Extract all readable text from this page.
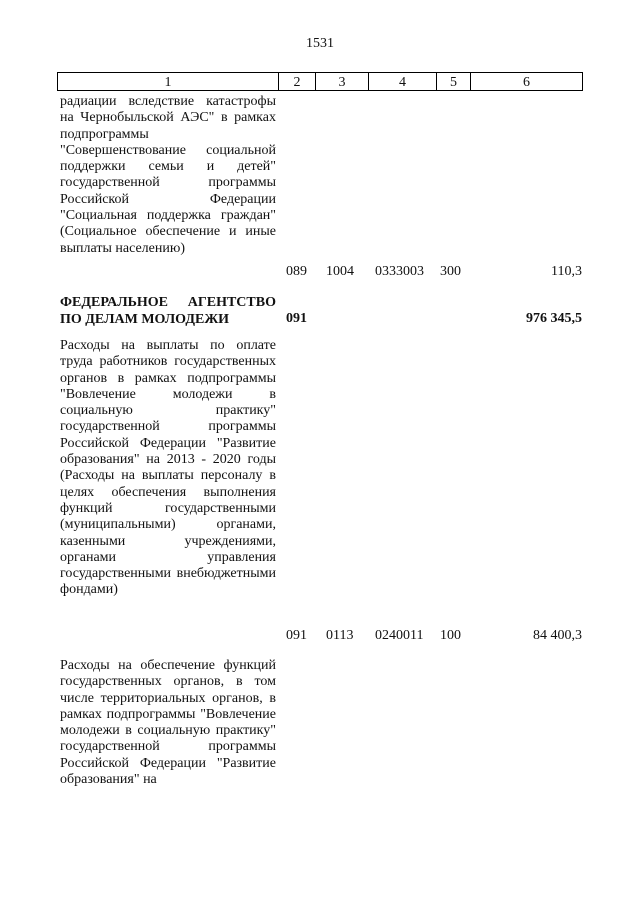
1531
1	2	3	4	5	6

радиации вследствие катастрофы на Чернобыльской АЭС" в рамках подпрограммы "Совершенствование социальной поддержки семьи и детей" государственной программы Российской Федерации "Социальная поддержка граждан" (Социальное обеспечение и иные выплаты населению)

089 1004 0333003 300	110,3

ФЕДЕРАЛЬНОЕ АГЕНТСТВО ПО ДЕЛАМ МОЛОДЕЖИ	091	976 345,5

Расходы на выплаты по оплате труда работников государственных органов в рамках подпрограммы "Вовлечение молодежи в социальную практику" государственной программы Российской Федерации "Развитие образования" на 2013 - 2020 годы (Расходы на выплаты персоналу в целях обеспечения выполнения функций государственными (муниципальными) органами, казенными учреждениями, органами управления государственными внебюджетными фондами)

091 0113 0240011 100	84 400,3

Расходы на обеспечение функций государственных органов, в том числе территориальных органов, в рамках подпрограммы "Вовлечение молодежи в социальную практику" государственной программы Российской Федерации "Развитие образования" на
